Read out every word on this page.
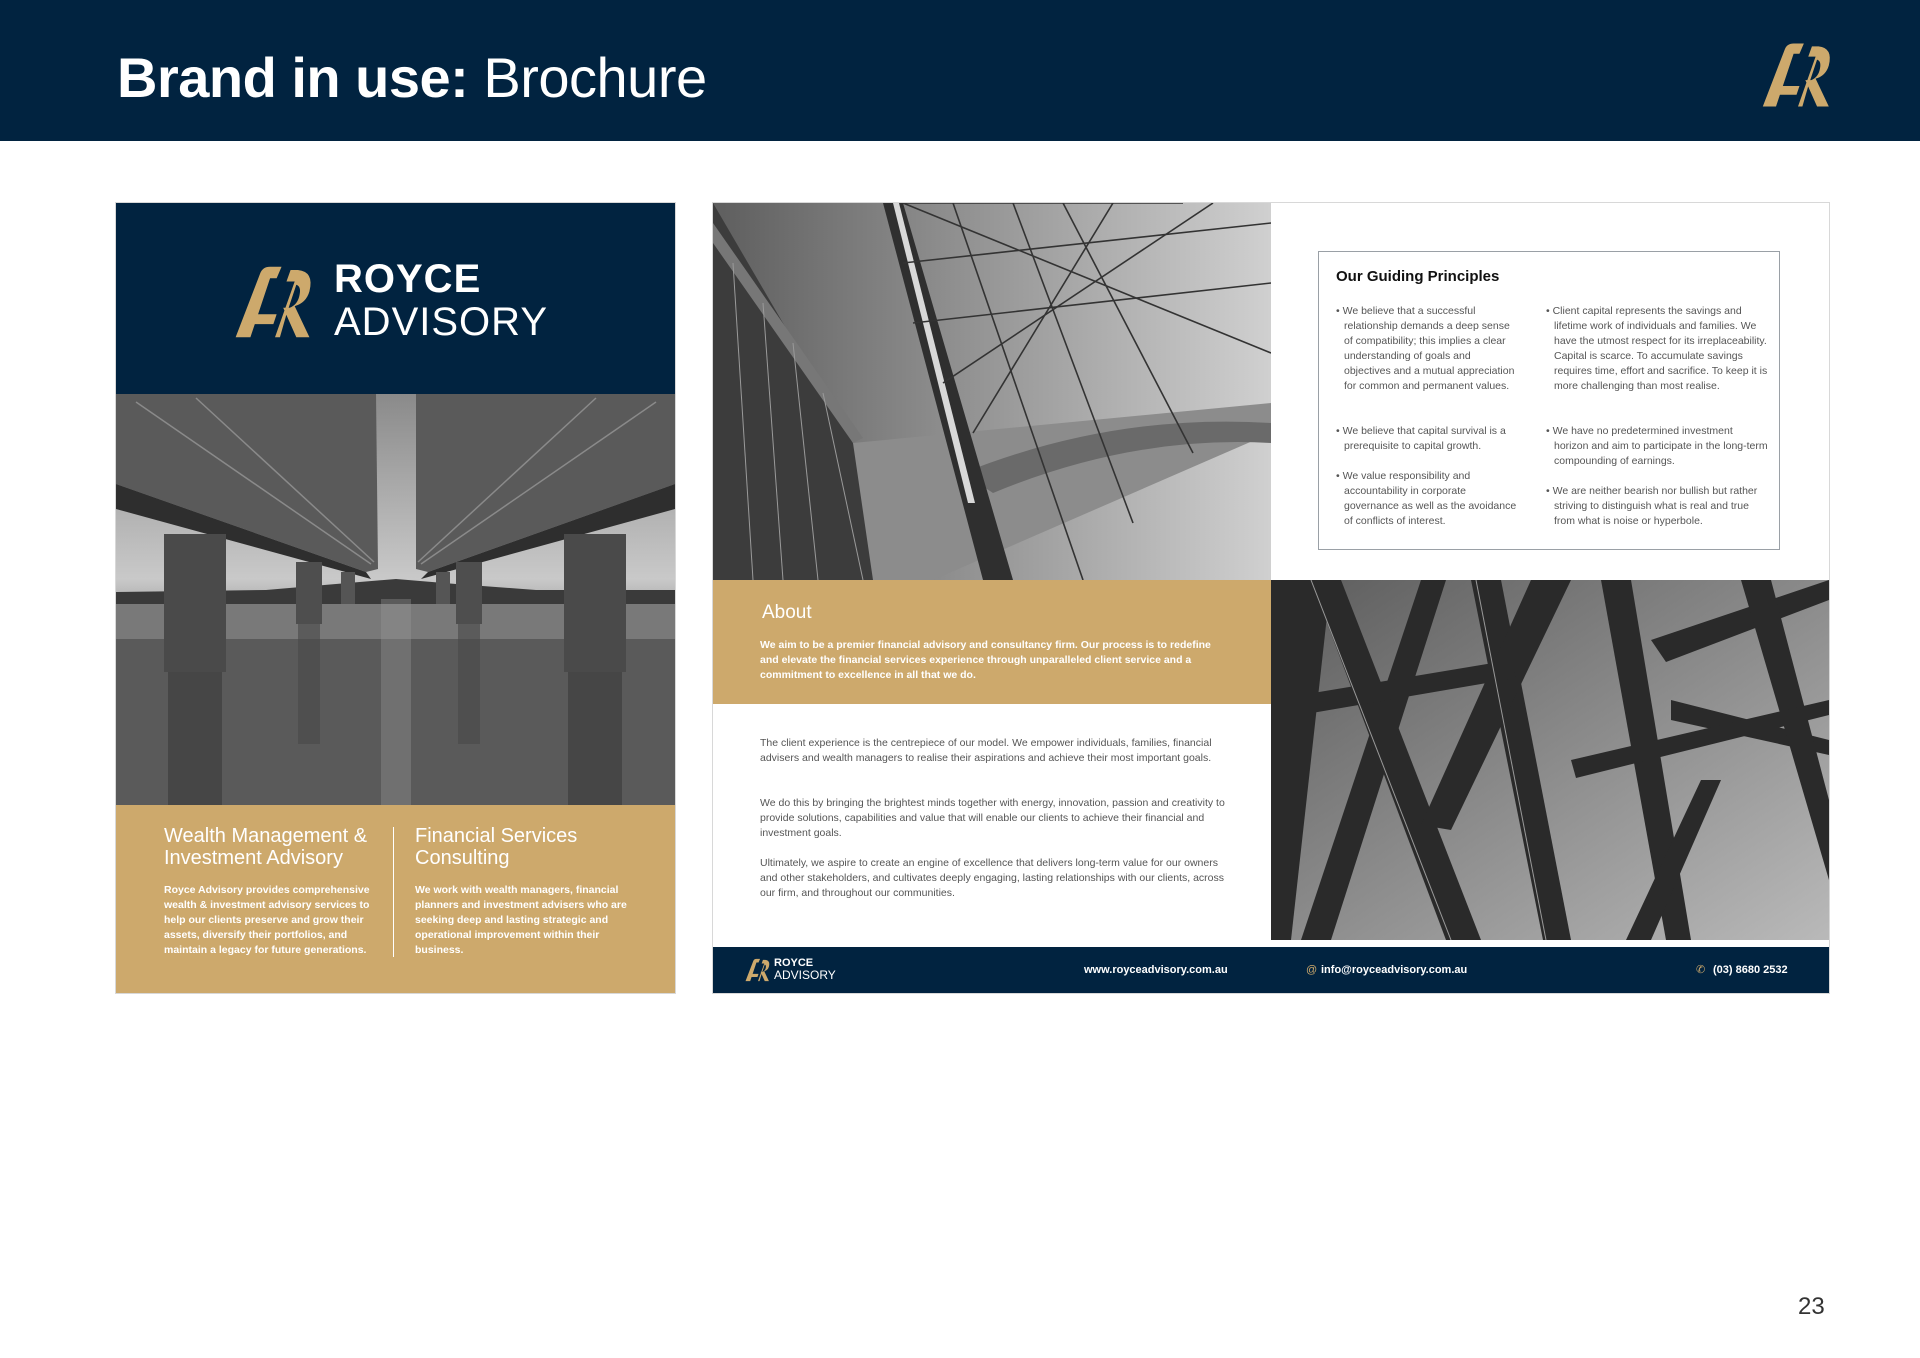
Brand in use: Brochure
ROYCE
ADVISORY
Wealth Management & Investment Advisory

Royce Advisory provides comprehensive wealth & investment advisory services to help our clients preserve and grow their assets, diversify their portfolios, and maintain a legacy for future generations.

Financial Services Consulting

We work with wealth managers, financial planners and investment advisers who are seeking deep and lasting strategic and operational improvement within their business.

Our Guiding Principles

• We believe that a successful relationship demands a deep sense of compatibility; this implies a clear understanding of goals and objectives and a mutual appreciation for common and permanent values.

• We believe that capital survival is a prerequisite to capital growth.

• We value responsibility and accountability in corporate governance as well as the avoidance of conflicts of interest.

• Client capital represents the savings and lifetime work of individuals and families. We have the utmost respect for its irreplaceability. Capital is scarce. To accumulate savings requires time, effort and sacrifice. To keep it is more challenging than most realise.

• We have no predetermined investment horizon and aim to participate in the long-term compounding of earnings.

• We are neither bearish nor bullish but rather striving to distinguish what is real and true from what is noise or hyperbole.

About

We aim to be a premier financial advisory and consultancy firm. Our process is to redefine and elevate the financial services experience through unparalleled client service and a commitment to excellence in all that we do.

The client experience is the centrepiece of our model. We empower individuals, families, financial advisers and wealth managers to realise their aspirations and achieve their most important goals.

We do this by bringing the brightest minds together with energy, innovation, passion and creativity to provide solutions, capabilities and value that will enable our clients to achieve their financial and investment goals.

Ultimately, we aspire to create an engine of excellence that delivers long-term value for our owners and other stakeholders, and cultivates deeply engaging, lasting relationships with our clients, across our firm, and throughout our communities.

ROYCE
ADVISORY	www.royceadvisory.com.au	@ info@royceadvisory.com.au	✆ (03) 8680 2532
23
